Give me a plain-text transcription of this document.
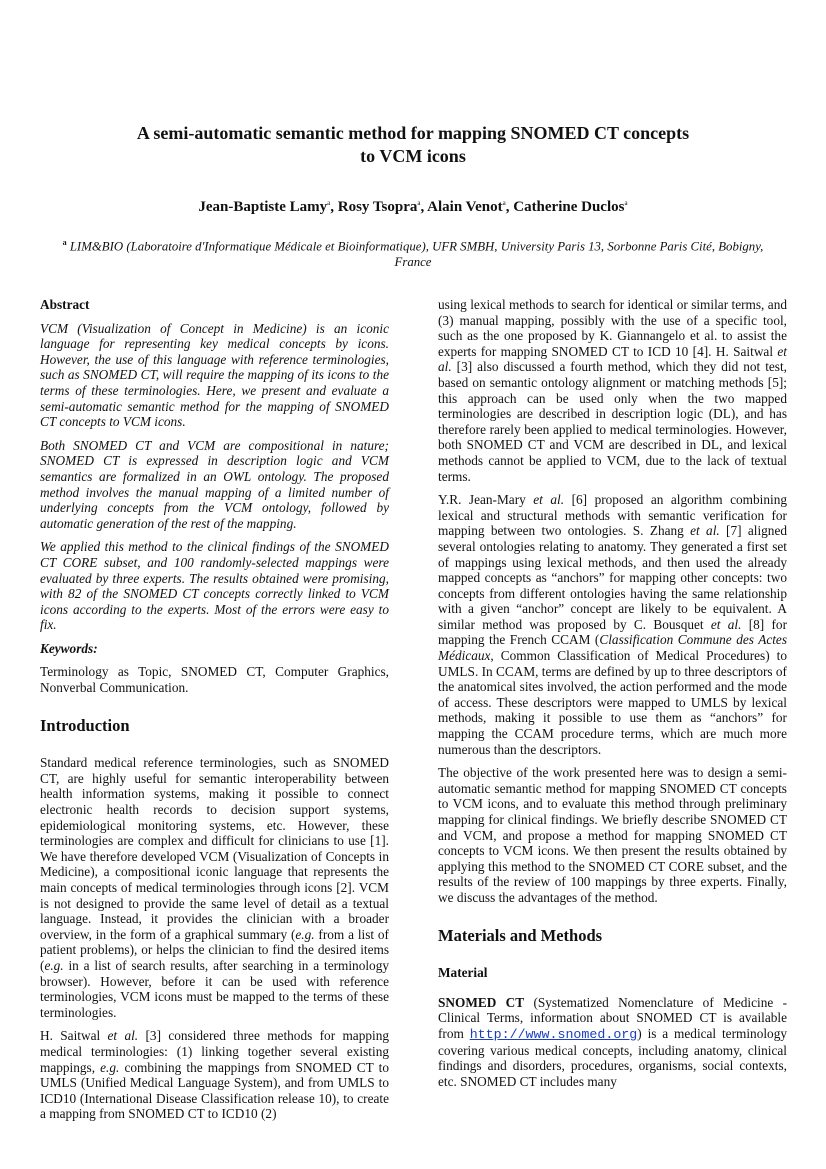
A semi-automatic semantic method for mapping SNOMED CT concepts
to VCM icons

Jean-Baptiste Lamy$^a$, Rosy Tsopra$^a$, Alain Venot$^a$, Catherine Duclos$^a$

$^a$ LIM&BIO (Laboratoire d'Informatique Médicale et Bioinformatique), UFR SMBH, University Paris 13, Sorbonne Paris Cité, Bobigny, France

Abstract

VCM (Visualization of Concept in Medicine) is an iconic language for representing key medical concepts by icons. However, the use of this language with reference terminologies, such as SNOMED CT, will require the mapping of its icons to the terms of these terminologies. Here, we present and evaluate a semi-automatic semantic method for the mapping of SNOMED CT concepts to VCM icons.

Both SNOMED CT and VCM are compositional in nature; SNOMED CT is expressed in description logic and VCM semantics are formalized in an OWL ontology. The proposed method involves the manual mapping of a limited number of underlying concepts from the VCM ontology, followed by automatic generation of the rest of the mapping.

We applied this method to the clinical findings of the SNOMED CT CORE subset, and 100 randomly-selected mappings were evaluated by three experts. The results obtained were promising, with 82 of the SNOMED CT concepts correctly linked to VCM icons according to the experts. Most of the errors were easy to fix.

Keywords:

Terminology as Topic, SNOMED CT, Computer Graphics, Nonverbal Communication.

Introduction

Standard medical reference terminologies, such as SNOMED CT, are highly useful for semantic interoperability between health information systems, making it possible to connect electronic health records to decision support systems, epidemiological monitoring systems, etc. However, these terminologies are complex and difficult for clinicians to use [1]. We have therefore developed VCM (Visualization of Concepts in Medicine), a compositional iconic language that represents the main concepts of medical terminologies through icons [2]. VCM is not designed to provide the same level of detail as a textual language. Instead, it provides the clinician with a broader overview, in the form of a graphical summary (e.g. from a list of patient problems), or helps the clinician to find the desired items (e.g. in a list of search results, after searching in a terminology browser). However, before it can be used with reference terminologies, VCM icons must be mapped to the terms of these terminologies.

H. Saitwal et al. [3] considered three methods for mapping medical terminologies: (1) linking together several existing mappings, e.g. combining the mappings from SNOMED CT to UMLS (Unified Medical Language System), and from UMLS to ICD10 (International Disease Classification release 10), to create a mapping from SNOMED CT to ICD10 (2)

using lexical methods to search for identical or similar terms, and (3) manual mapping, possibly with the use of a specific tool, such as the one proposed by K. Giannangelo et al. to assist the experts for mapping SNOMED CT to ICD 10 [4]. H. Saitwal et al. [3] also discussed a fourth method, which they did not test, based on semantic ontology alignment or matching methods [5]; this approach can be used only when the two mapped terminologies are described in description logic (DL), and has therefore rarely been applied to medical terminologies. However, both SNOMED CT and VCM are described in DL, and lexical methods cannot be applied to VCM, due to the lack of textual terms.

Y.R. Jean-Mary et al. [6] proposed an algorithm combining lexical and structural methods with semantic verification for mapping between two ontologies. S. Zhang et al. [7] aligned several ontologies relating to anatomy. They generated a first set of mappings using lexical methods, and then used the already mapped concepts as “anchors” for mapping other concepts: two concepts from different ontologies having the same relationship with a given “anchor” concept are likely to be equivalent. A similar method was proposed by C. Bousquet et al. [8] for mapping the French CCAM (Classification Commune des Actes Médicaux, Common Classification of Medical Procedures) to UMLS. In CCAM, terms are defined by up to three descriptors of the anatomical sites involved, the action performed and the mode of access. These descriptors were mapped to UMLS by lexical methods, making it possible to use them as “anchors” for mapping the CCAM procedure terms, which are much more numerous than the descriptors.

The objective of the work presented here was to design a semi-automatic semantic method for mapping SNOMED CT concepts to VCM icons, and to evaluate this method through preliminary mapping for clinical findings. We briefly describe SNOMED CT and VCM, and propose a method for mapping SNOMED CT concepts to VCM icons. We then present the results obtained by applying this method to the SNOMED CT CORE subset, and the results of the review of 100 mappings by three experts. Finally, we discuss the advantages of the method.

Materials and Methods
Material

SNOMED CT (Systematized Nomenclature of Medicine - Clinical Terms, information about SNOMED CT is available from http://www.snomed.org) is a medical terminology covering various medical concepts, including anatomy, clinical findings and disorders, procedures, organisms, social contexts, etc. SNOMED CT includes many
